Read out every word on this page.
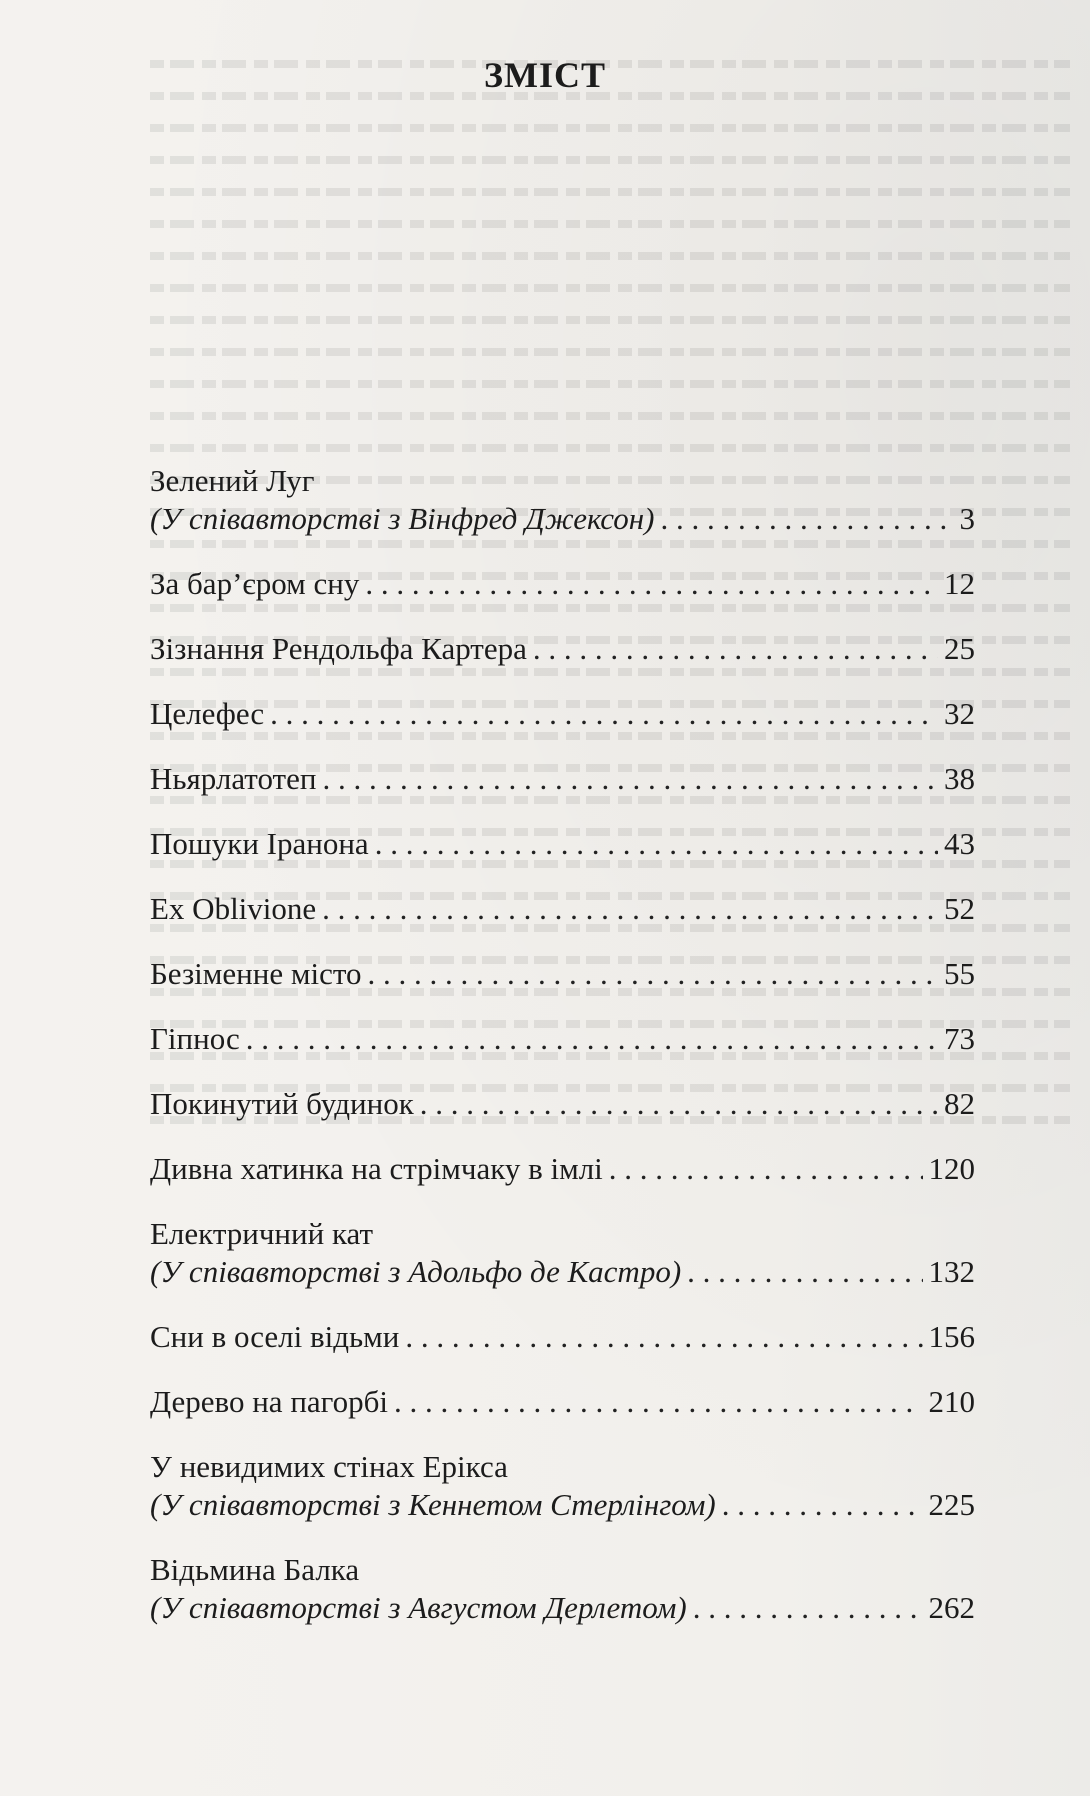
ЗМІСТ
Зелений Луг
(У співавторстві з Вінфред Джексон) . . .	3
За бар’єром сну . . .	12
Зізнання Рендольфа Картера . . .	25
Целефес . . .	32
Ньярлатотеп . . .	38
Пошуки Іранона . . .	43
Ex Oblivione . . .	52
Безіменне місто . . .	55
Гіпнос . . .	73
Покинутий будинок . . .	82
Дивна хатинка на стрімчаку в імлі . . .	120
Електричний кат
(У співавторстві з Адольфо де Кастро) . . .	132
Сни в оселі відьми . . .	156
Дерево на пагорбі . . .	210
У невидимих стінах Ерікса
(У співавторстві з Кеннетом Стерлінгом) . . .	225
Відьмина Балка
(У співавторстві з Августом Дерлетом) . . .	262
